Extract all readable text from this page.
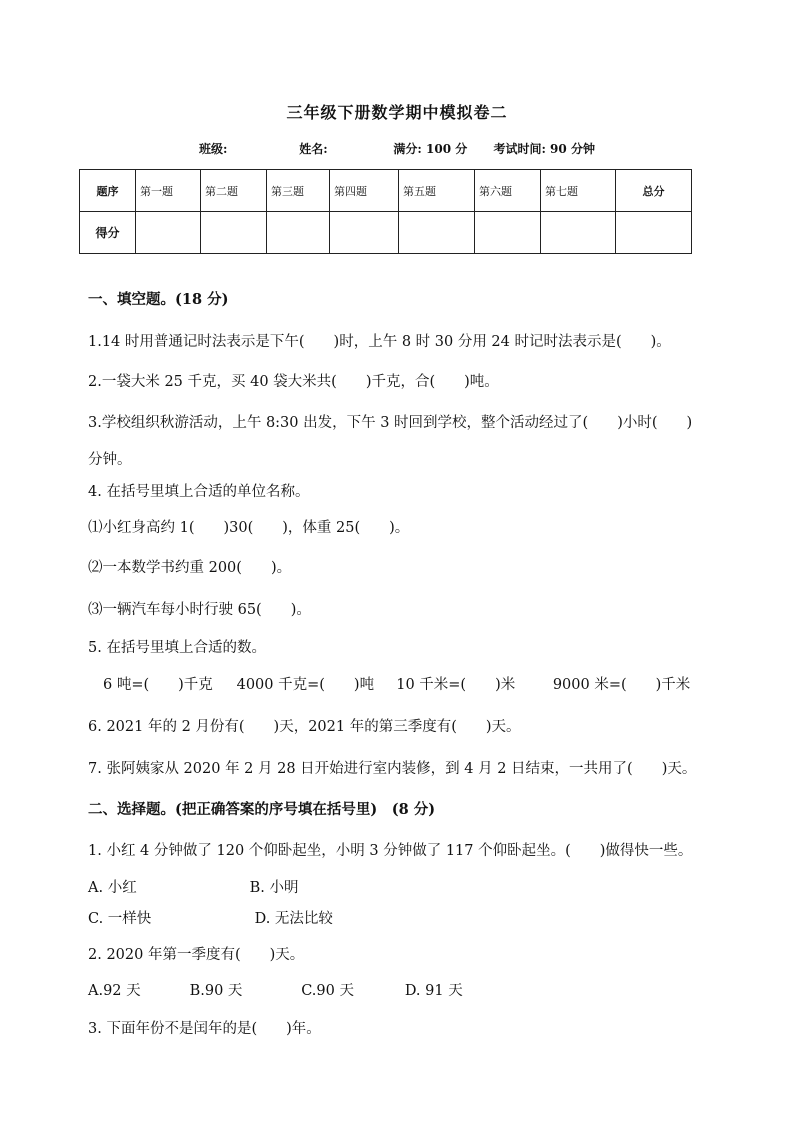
三年级下册数学期中模拟卷二
班级:	姓名:	满分: 100 分 考试时间: 90 分钟
题序	第一题	第二题	第三题	第四题	第五题	第六题	第七题	总分
得分								
一、填空题。(18 分)
1.14 时用普通记时法表示是下午(　　)时，上午 8 时 30 分用 24 时记时法表示是(　　)。
2.一袋大米 25 千克，买 40 袋大米共(　　)千克，合(　　)吨。
3.学校组织秋游活动，上午 8:30 出发，下午 3 时回到学校，整个活动经过了(　　)小时(　　)
分钟。
4. 在括号里填上合适的单位名称。
⑴小红身高约 1(　　)30(　　)，体重 25(　　)。
⑵一本数学书约重 200(　　)。
⑶一辆汽车每小时行驶 65(　　)。
5. 在括号里填上合适的数。
6 吨=(　　)千克 4000 千克=(　　)吨 10 千米=(　　)米	9000 米=(　　)千米
6. 2021 年的 2 月份有(　　)天，2021 年的第三季度有(　　)天。
7. 张阿姨家从 2020 年 2 月 28 日开始进行室内装修，到 4 月 2 日结束，一共用了(　　)天。
二、选择题。(把正确答案的序号填在括号里)　(8 分)
1. 小红 4 分钟做了 120 个仰卧起坐，小明 3 分钟做了 117 个仰卧起坐。(　　)做得快一些。
A. 小红	B. 小明
C. 一样快	D. 无法比较
2. 2020 年第一季度有(　　)天。
A.92 天	B.90 天	C.90 天	D. 91 天
3. 下面年份不是闰年的是(　　)年。
